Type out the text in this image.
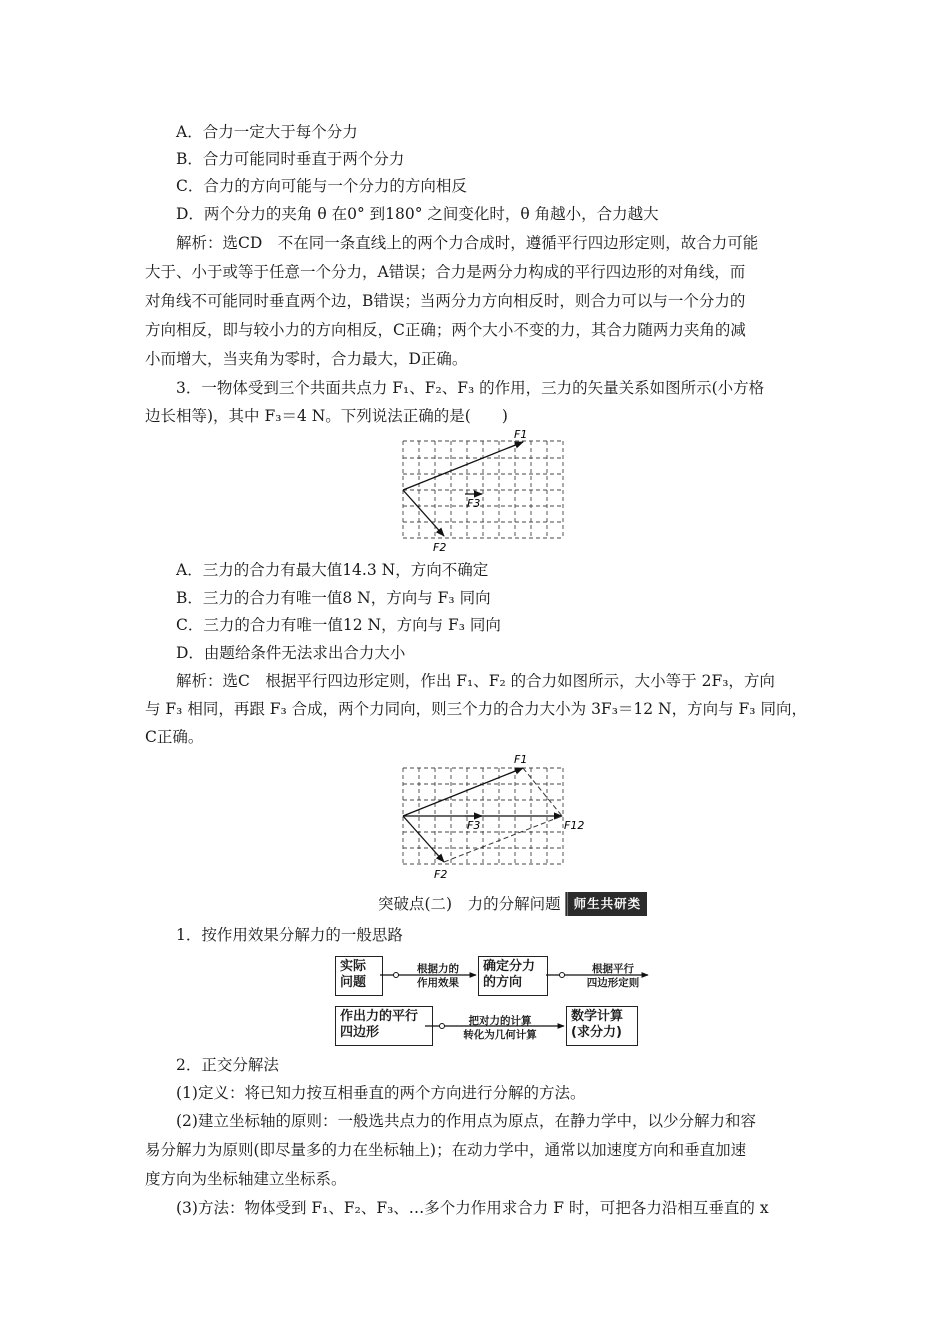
A．合力一定大于每个分力
B．合力可能同时垂直于两个分力
C．合力的方向可能与一个分力的方向相反
D．两个分力的夹角 θ 在0° 到180° 之间变化时，θ 角越小，合力越大
解析：选CD　不在同一条直线上的两个力合成时，遵循平行四边形定则，故合力可能
大于、小于或等于任意一个分力，A错误；合力是两分力构成的平行四边形的对角线，而
对角线不可能同时垂直两个边，B错误；当两分力方向相反时，则合力可以与一个分力的
方向相反，即与较小力的方向相反，C正确；两个大小不变的力，其合力随两力夹角的减
小而增大，当夹角为零时，合力最大，D正确。
3．一物体受到三个共面共点力 F₁、F₂、F₃ 的作用，三力的矢量关系如图所示(小方格
边长相等)，其中 F₃＝4 N。下列说法正确的是(　　)
F1
F2
F3
A．三力的合力有最大值14.3 N，方向不确定
B．三力的合力有唯一值8 N，方向与 F₃ 同向
C．三力的合力有唯一值12 N，方向与 F₃ 同向
D．由题给条件无法求出合力大小
解析：选C　根据平行四边形定则，作出 F₁、F₂ 的合力如图所示，大小等于 2F₃，方向
与 F₃ 相同，再跟 F₃ 合成，两个力同向，则三个力的合力大小为 3F₃＝12 N，方向与 F₃ 同向，
C正确。
F1
F2
F3	F12
突破点(二)　力的分解问题 师生共研类
1．按作用效果分解力的一般思路
实际
问题
确定分力
的方向
作出力的平行
四边形
数学计算
(求分力)
根据力的
作用效果
根据平行
四边形定则
把对力的计算
转化为几何计算
2．正交分解法
(1)定义：将已知力按互相垂直的两个方向进行分解的方法。
(2)建立坐标轴的原则：一般选共点力的作用点为原点，在静力学中，以少分解力和容
易分解力为原则(即尽量多的力在坐标轴上)；在动力学中，通常以加速度方向和垂直加速
度方向为坐标轴建立坐标系。
(3)方法：物体受到 F₁、F₂、F₃、…多个力作用求合力 F 时，可把各力沿相互垂直的 x
